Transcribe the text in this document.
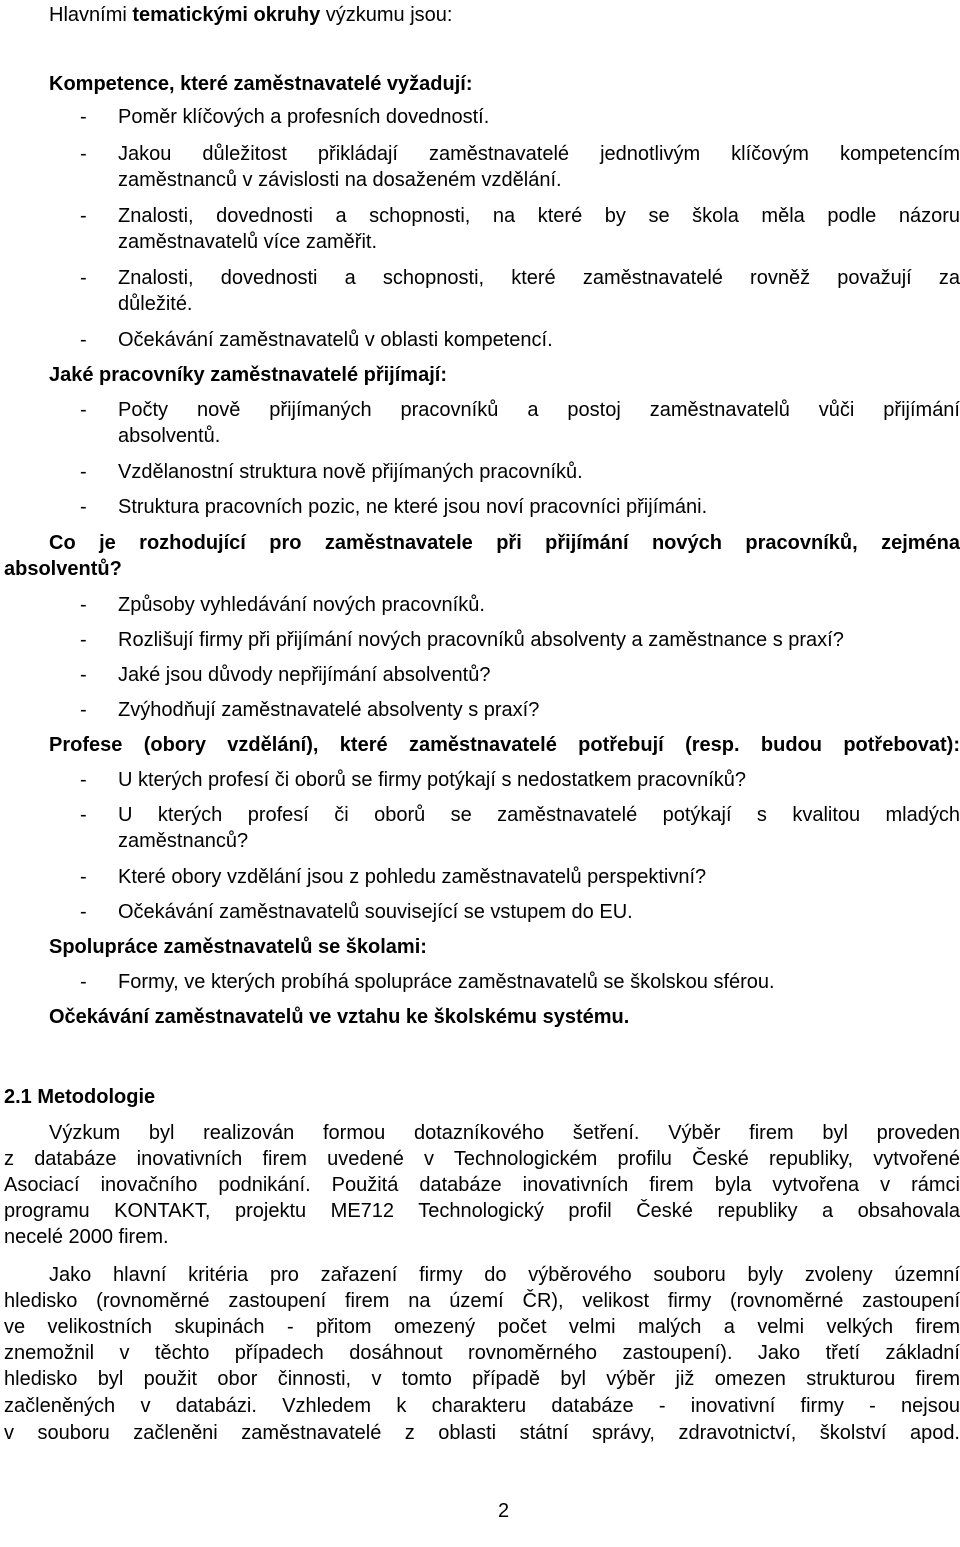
Hlavními tematickými okruhy výzkumu jsou:
Kompetence, které zaměstnavatelé vyžadují:
- Poměr klíčových a profesních dovedností.
- Jakou důležitost přikládají zaměstnavatelé jednotlivým klíčovým kompetencím
zaměstnanců v závislosti na dosaženém vzdělání.
- Znalosti, dovednosti a schopnosti, na které by se škola měla podle názoru
zaměstnavatelů více zaměřit.
- Znalosti, dovednosti a schopnosti, které zaměstnavatelé rovněž považují za
důležité.
- Očekávání zaměstnavatelů v oblasti kompetencí.
Jaké pracovníky zaměstnavatelé přijímají:
- Počty nově přijímaných pracovníků a postoj zaměstnavatelů vůči přijímání
absolventů.
- Vzdělanostní struktura nově přijímaných pracovníků.
- Struktura pracovních pozic, ne které jsou noví pracovníci přijímáni.
Co je rozhodující pro zaměstnavatele při přijímání nových pracovníků, zejména
absolventů?
- Způsoby vyhledávání nových pracovníků.
- Rozlišují firmy při přijímání nových pracovníků absolventy a zaměstnance s praxí?
- Jaké jsou důvody nepřijímání absolventů?
- Zvýhodňují zaměstnavatelé absolventy s praxí?
Profese (obory vzdělání), které zaměstnavatelé potřebují (resp. budou potřebovat):
- U kterých profesí či oborů se firmy potýkají s nedostatkem pracovníků?
- U kterých profesí či oborů se zaměstnavatelé potýkají s kvalitou mladých
zaměstnanců?
- Které obory vzdělání jsou z pohledu zaměstnavatelů perspektivní?
- Očekávání zaměstnavatelů související se vstupem do EU.
Spolupráce zaměstnavatelů se školami:
- Formy, ve kterých probíhá spolupráce zaměstnavatelů se školskou sférou.
Očekávání zaměstnavatelů ve vztahu ke školskému systému.
2.1 Metodologie
Výzkum byl realizován formou dotazníkového šetření. Výběr firem byl proveden
z databáze inovativních firem uvedené v Technologickém profilu České republiky, vytvořené
Asociací inovačního podnikání. Použitá databáze inovativních firem byla vytvořena v rámci
programu KONTAKT, projektu ME712 Technologický profil České republiky a obsahovala
necelé 2000 firem.
Jako hlavní kritéria pro zařazení firmy do výběrového souboru byly zvoleny územní
hledisko (rovnoměrné zastoupení firem na území ČR), velikost firmy (rovnoměrné zastoupení
ve velikostních skupinách - přitom omezený počet velmi malých a velmi velkých firem
znemožnil v těchto případech dosáhnout rovnoměrného zastoupení). Jako třetí základní
hledisko byl použit obor činnosti, v tomto případě byl výběr již omezen strukturou firem
začleněných v databázi. Vzhledem k charakteru databáze - inovativní firmy - nejsou
v souboru začleněni zaměstnavatelé z oblasti státní správy, zdravotnictví, školství apod.
2
